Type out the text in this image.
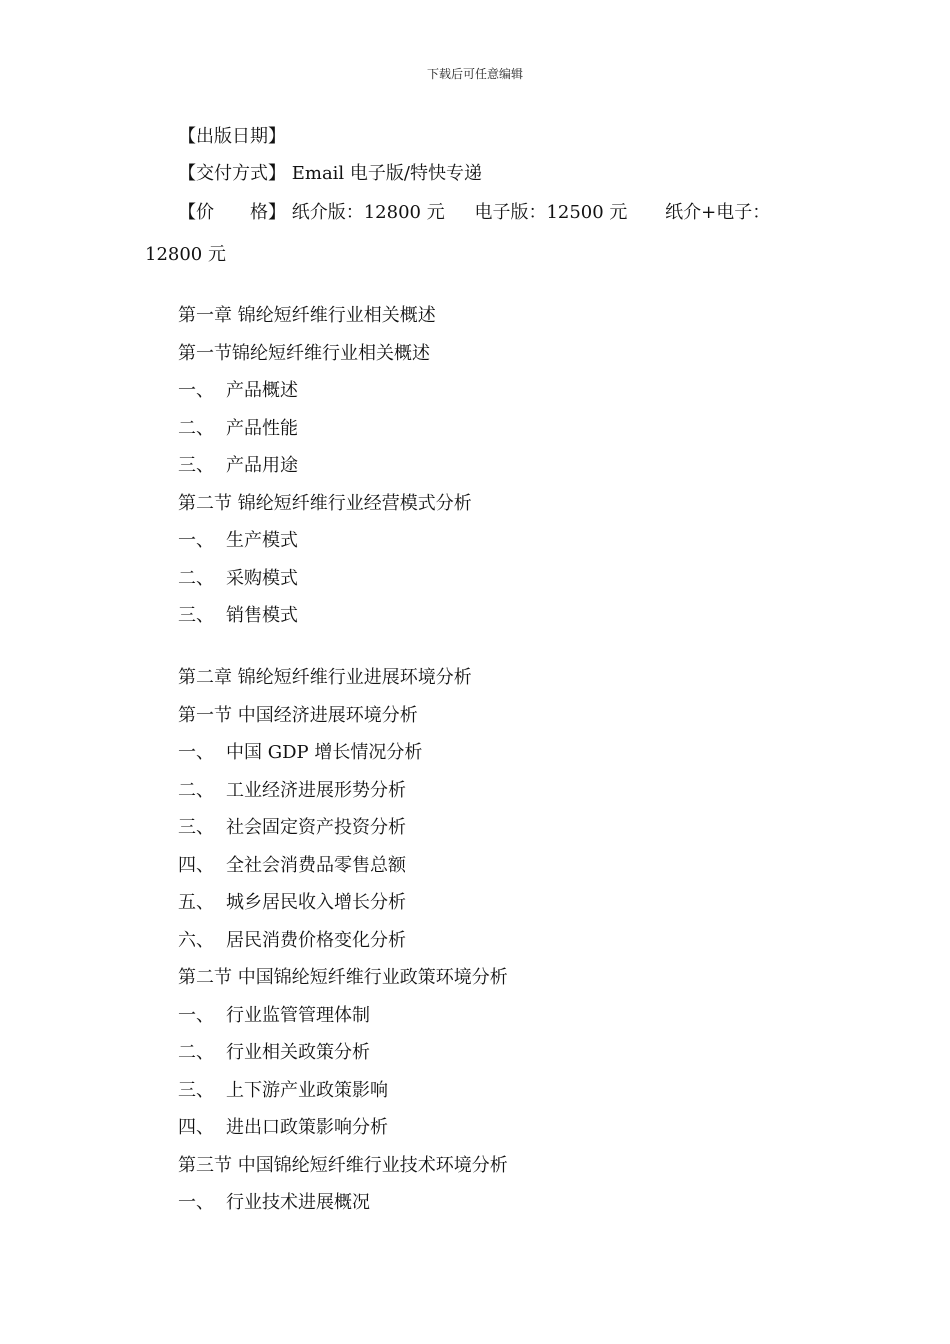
下载后可任意编辑
【出版日期】
【交付方式】 Email 电子版/特快专递
【价　　格】 纸介版：12800 元 电子版：12500 元 纸介+电子：12800 元
第一章 锦纶短纤维行业相关概述
第一节锦纶短纤维行业相关概述
一、 产品概述
二、 产品性能
三、 产品用途
第二节 锦纶短纤维行业经营模式分析
一、 生产模式
二、 采购模式
三、 销售模式
第二章 锦纶短纤维行业进展环境分析
第一节 中国经济进展环境分析
一、 中国 GDP 增长情况分析
二、 工业经济进展形势分析
三、 社会固定资产投资分析
四、 全社会消费品零售总额
五、 城乡居民收入增长分析
六、 居民消费价格变化分析
第二节 中国锦纶短纤维行业政策环境分析
一、 行业监管管理体制
二、 行业相关政策分析
三、 上下游产业政策影响
四、 进出口政策影响分析
第三节 中国锦纶短纤维行业技术环境分析
一、 行业技术进展概况
